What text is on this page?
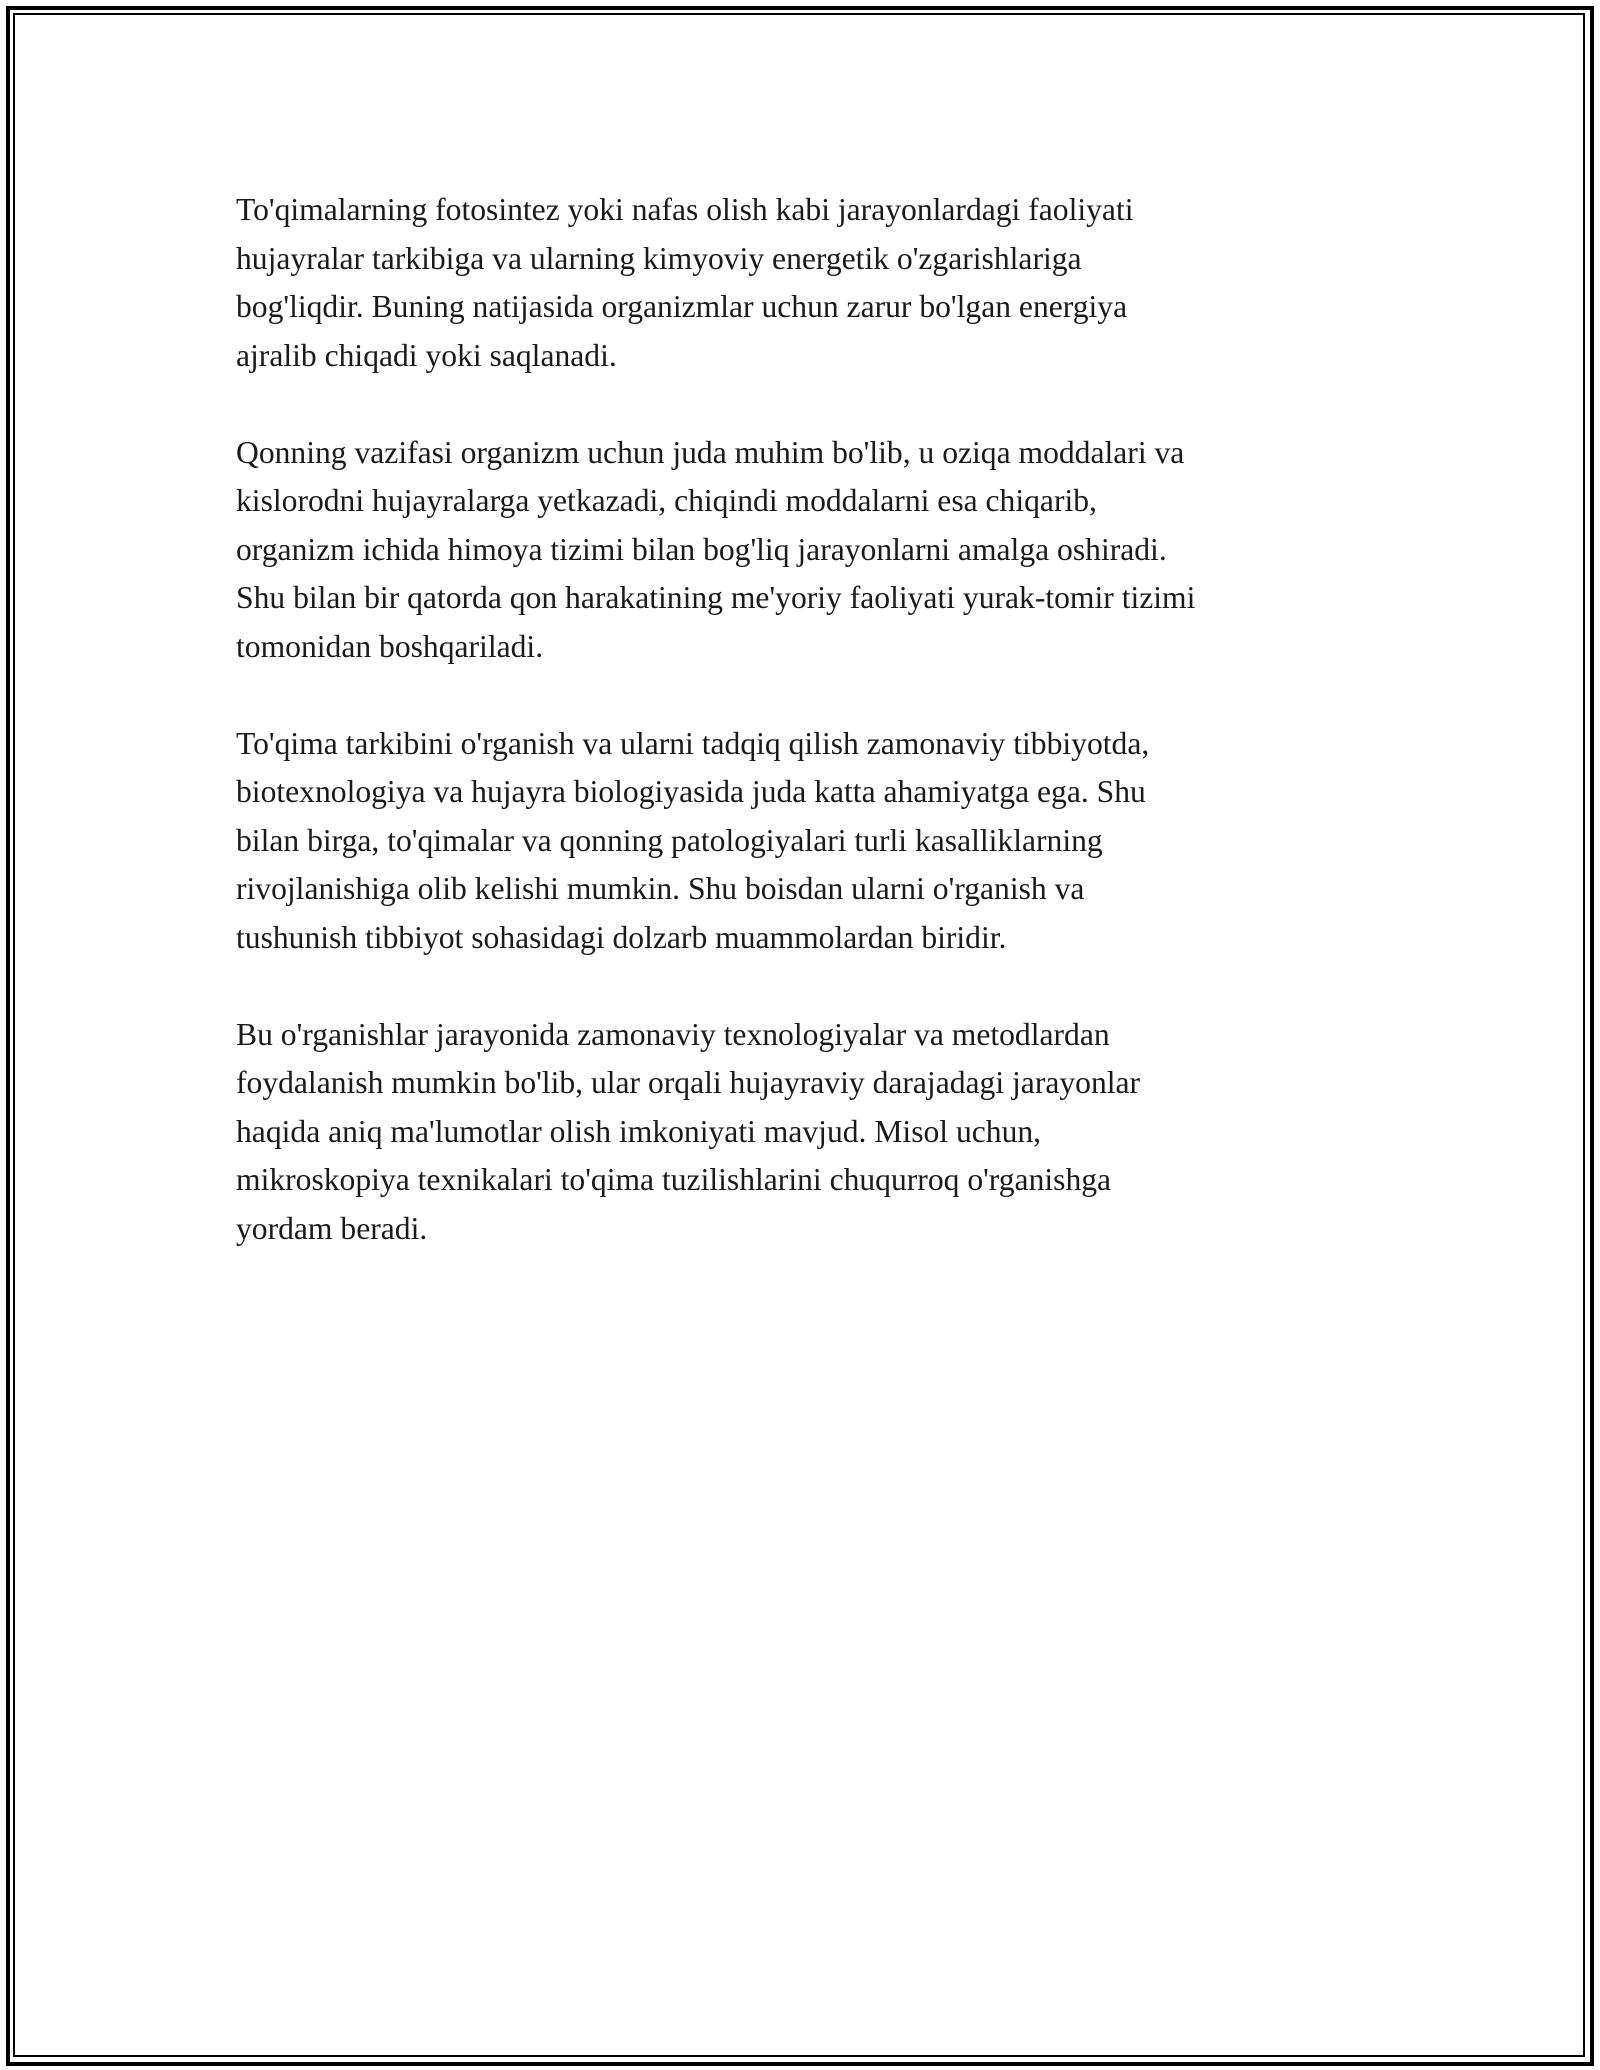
To'qimalarning fotosintez yoki nafas olish kabi jarayonlardagi faoliyati
hujayralar tarkibiga va ularning kimyoviy energetik o'zgarishlariga
bog'liqdir. Buning natijasida organizmlar uchun zarur bo'lgan energiya
ajralib chiqadi yoki saqlanadi.

Qonning vazifasi organizm uchun juda muhim bo'lib, u oziqa moddalari va
kislorodni hujayralarga yetkazadi, chiqindi moddalarni esa chiqarib,
organizm ichida himoya tizimi bilan bog'liq jarayonlarni amalga oshiradi.
Shu bilan bir qatorda qon harakatining me'yoriy faoliyati yurak-tomir tizimi
tomonidan boshqariladi.

To'qima tarkibini o'rganish va ularni tadqiq qilish zamonaviy tibbiyotda,
biotexnologiya va hujayra biologiyasida juda katta ahamiyatga ega. Shu
bilan birga, to'qimalar va qonning patologiyalari turli kasalliklarning
rivojlanishiga olib kelishi mumkin. Shu boisdan ularni o'rganish va
tushunish tibbiyot sohasidagi dolzarb muammolardan biridir.

Bu o'rganishlar jarayonida zamonaviy texnologiyalar va metodlardan
foydalanish mumkin bo'lib, ular orqali hujayraviy darajadagi jarayonlar
haqida aniq ma'lumotlar olish imkoniyati mavjud. Misol uchun,
mikroskopiya texnikalari to'qima tuzilishlarini chuqurroq o'rganishga
yordam beradi.
